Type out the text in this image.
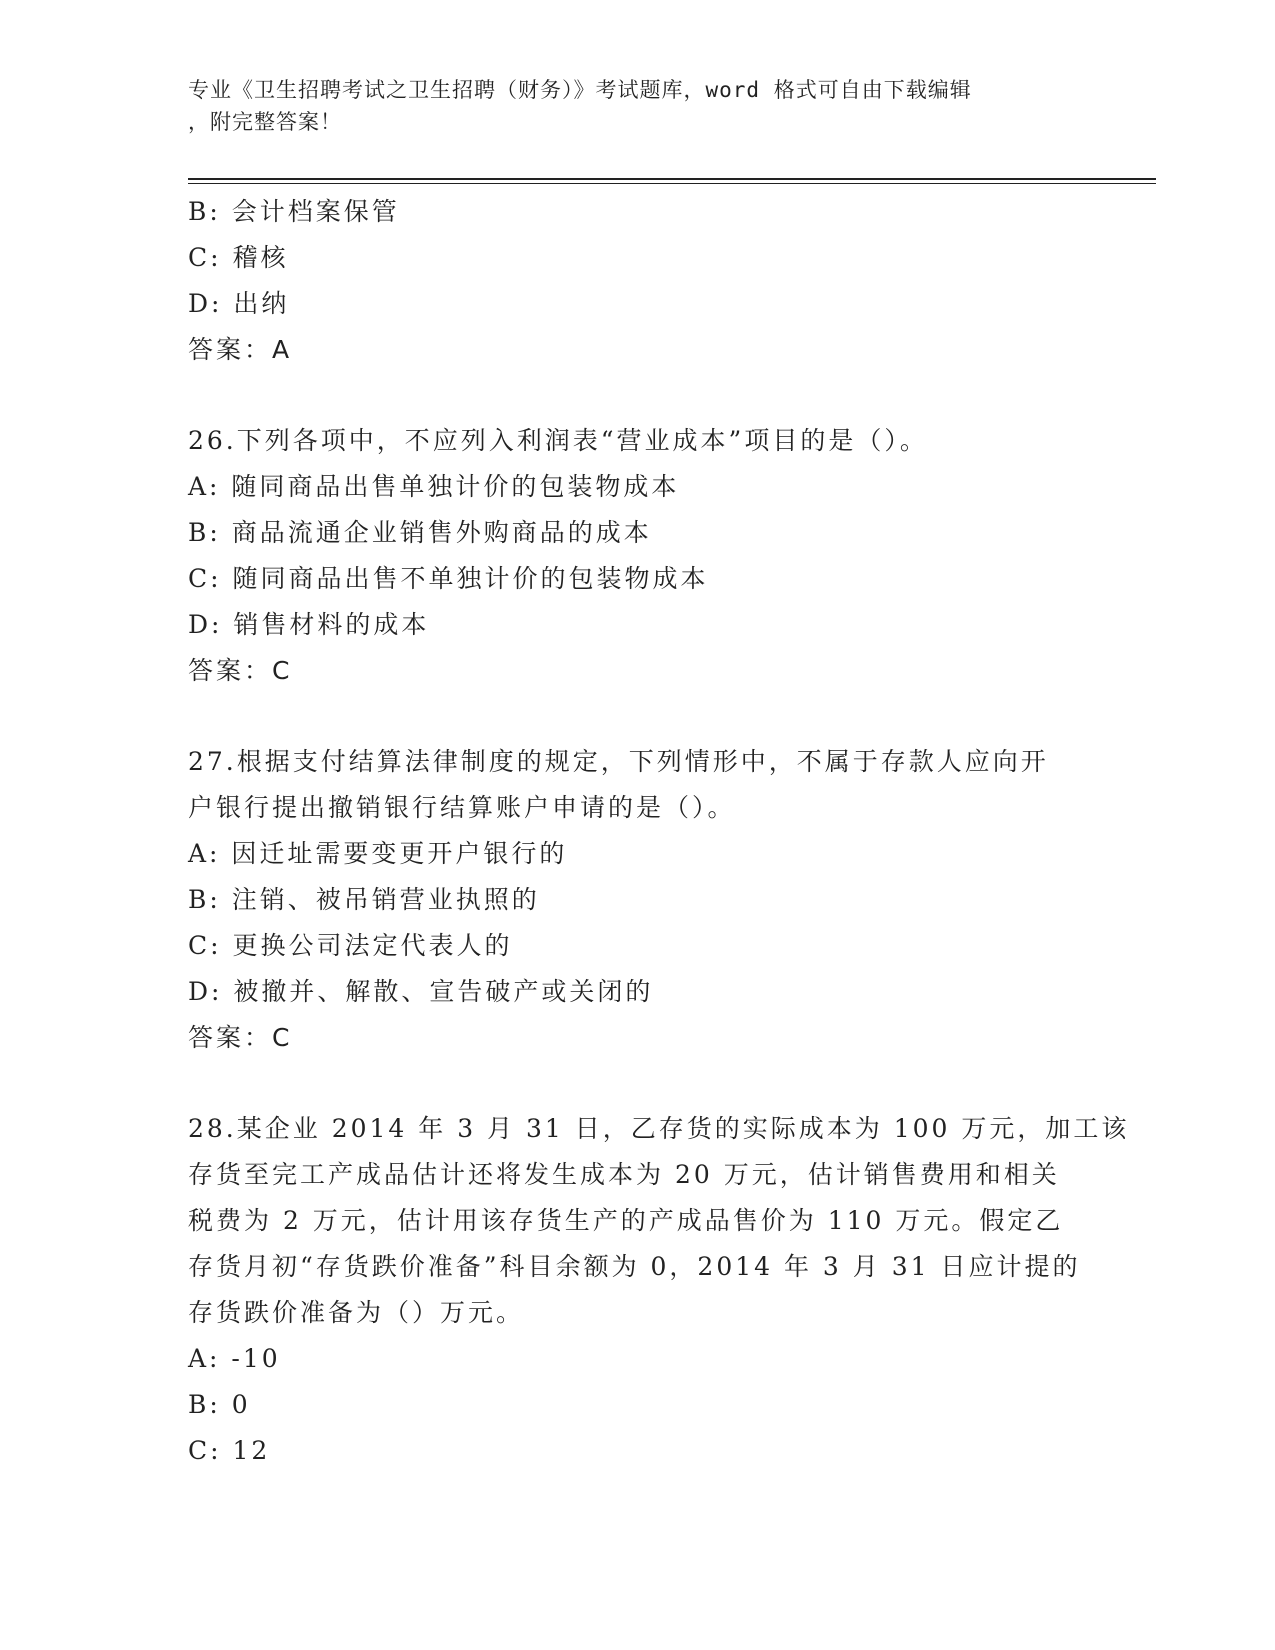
专业《卫生招聘考试之卫生招聘（财务）》考试题库，word 格式可自由下载编辑
，附完整答案！
B: 会计档案保管
C: 稽核
D: 出纳
答案：A
26.下列各项中，不应列入利润表“营业成本”项目的是（）。
A: 随同商品出售单独计价的包装物成本
B: 商品流通企业销售外购商品的成本
C: 随同商品出售不单独计价的包装物成本
D: 销售材料的成本
答案：C
27.根据支付结算法律制度的规定，下列情形中，不属于存款人应向开
户银行提出撤销银行结算账户申请的是（）。
A: 因迁址需要变更开户银行的
B: 注销、被吊销营业执照的
C: 更换公司法定代表人的
D: 被撤并、解散、宣告破产或关闭的
答案：C
28.某企业 2014 年 3 月 31 日，乙存货的实际成本为 100 万元，加工该
存货至完工产成品估计还将发生成本为 20 万元，估计销售费用和相关
税费为 2 万元，估计用该存货生产的产成品售价为 110 万元。假定乙
存货月初“存货跌价准备”科目余额为 0，2014 年 3 月 31 日应计提的
存货跌价准备为（）万元。
A: -10
B: 0
C: 12
